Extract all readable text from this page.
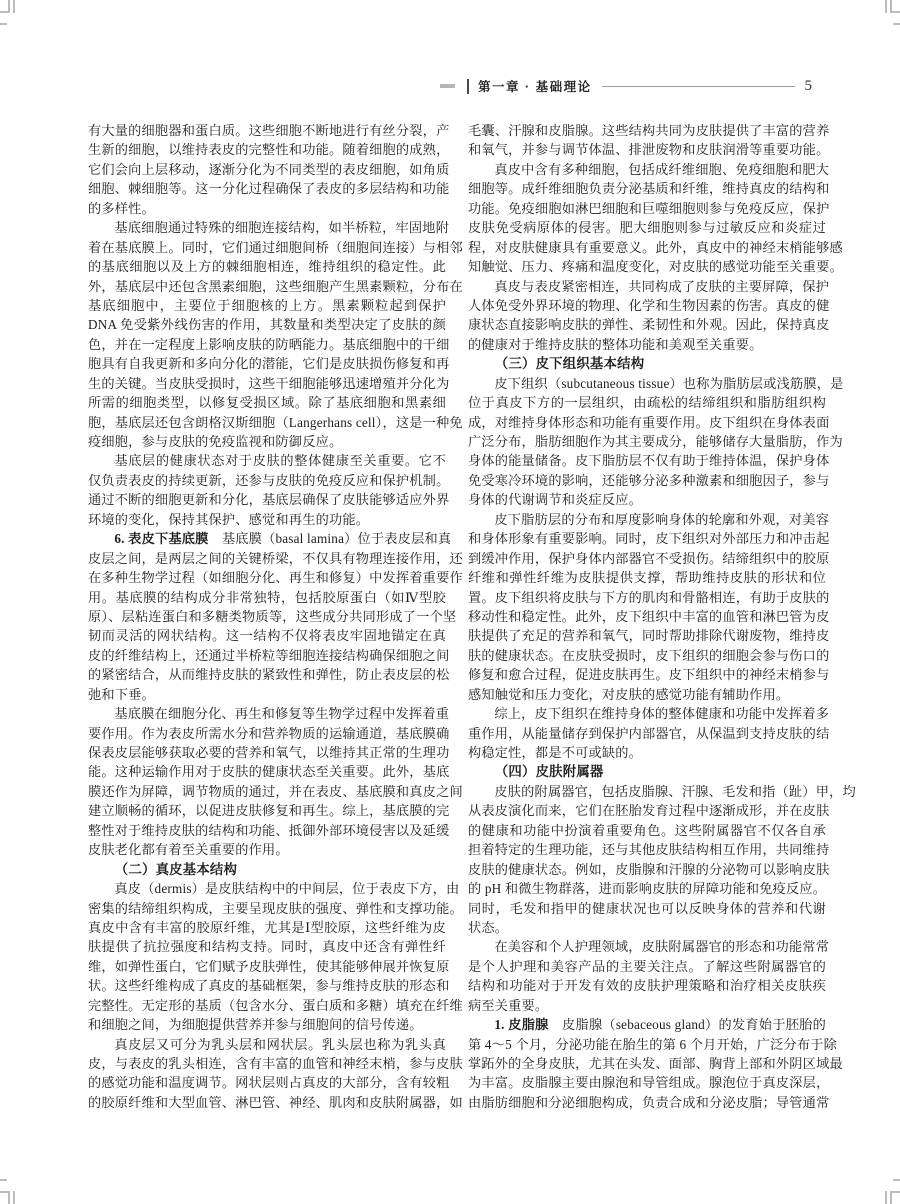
第一章 · 基础理论	5
有大量的细胞器和蛋白质。这些细胞不断地进行有丝分裂，产
生新的细胞，以维持表皮的完整性和功能。随着细胞的成熟，
它们会向上层移动，逐渐分化为不同类型的表皮细胞，如角质
细胞、棘细胞等。这一分化过程确保了表皮的多层结构和功能
的多样性。
基底细胞通过特殊的细胞连接结构，如半桥粒，牢固地附
着在基底膜上。同时，它们通过细胞间桥（细胞间连接）与相邻
的基底细胞以及上方的棘细胞相连，维持组织的稳定性。此
外，基底层中还包含黑素细胞，这些细胞产生黑素颗粒，分布在
基底细胞中，主要位于细胞核的上方。黑素颗粒起到保护
DNA 免受紫外线伤害的作用，其数量和类型决定了皮肤的颜
色，并在一定程度上影响皮肤的防晒能力。基底细胞中的干细
胞具有自我更新和多向分化的潜能，它们是皮肤损伤修复和再
生的关键。当皮肤受损时，这些干细胞能够迅速增殖并分化为
所需的细胞类型，以修复受损区域。除了基底细胞和黑素细
胞，基底层还包含朗格汉斯细胞（Langerhans cell），这是一种免
疫细胞，参与皮肤的免疫监视和防御反应。
基底层的健康状态对于皮肤的整体健康至关重要。它不
仅负责表皮的持续更新，还参与皮肤的免疫反应和保护机制。
通过不断的细胞更新和分化，基底层确保了皮肤能够适应外界
环境的变化，保持其保护、感觉和再生的功能。
6. 表皮下基底膜　基底膜（basal lamina）位于表皮层和真
皮层之间，是两层之间的关键桥梁，不仅具有物理连接作用，还
在多种生物学过程（如细胞分化、再生和修复）中发挥着重要作
用。基底膜的结构成分非常独特，包括胶原蛋白（如Ⅳ型胶
原）、层粘连蛋白和多糖类物质等，这些成分共同形成了一个坚
韧而灵活的网状结构。这一结构不仅将表皮牢固地锚定在真
皮的纤维结构上，还通过半桥粒等细胞连接结构确保细胞之间
的紧密结合，从而维持皮肤的紧致性和弹性，防止表皮层的松
弛和下垂。
基底膜在细胞分化、再生和修复等生物学过程中发挥着重
要作用。作为表皮所需水分和营养物质的运输通道，基底膜确
保表皮层能够获取必要的营养和氧气，以维持其正常的生理功
能。这种运输作用对于皮肤的健康状态至关重要。此外，基底
膜还作为屏障，调节物质的通过，并在表皮、基底膜和真皮之间
建立顺畅的循环，以促进皮肤修复和再生。综上，基底膜的完
整性对于维持皮肤的结构和功能、抵御外部环境侵害以及延缓
皮肤老化都有着至关重要的作用。
（二）真皮基本结构
真皮（dermis）是皮肤结构中的中间层，位于表皮下方，由
密集的结缔组织构成，主要呈现皮肤的强度、弹性和支撑功能。
真皮中含有丰富的胶原纤维，尤其是Ⅰ型胶原，这些纤维为皮
肤提供了抗拉强度和结构支持。同时，真皮中还含有弹性纤
维，如弹性蛋白，它们赋予皮肤弹性，使其能够伸展并恢复原
状。这些纤维构成了真皮的基础框架，参与维持皮肤的形态和
完整性。无定形的基质（包含水分、蛋白质和多糖）填充在纤维
和细胞之间，为细胞提供营养并参与细胞间的信号传递。
真皮层又可分为乳头层和网状层。乳头层也称为乳头真
皮，与表皮的乳头相连，含有丰富的血管和神经末梢，参与皮肤
的感觉功能和温度调节。网状层则占真皮的大部分，含有较粗
的胶原纤维和大型血管、淋巴管、神经、肌肉和皮肤附属器，如
毛囊、汗腺和皮脂腺。这些结构共同为皮肤提供了丰富的营养
和氧气，并参与调节体温、排泄废物和皮肤润滑等重要功能。
真皮中含有多种细胞，包括成纤维细胞、免疫细胞和肥大
细胞等。成纤维细胞负责分泌基质和纤维，维持真皮的结构和
功能。免疫细胞如淋巴细胞和巨噬细胞则参与免疫反应，保护
皮肤免受病原体的侵害。肥大细胞则参与过敏反应和炎症过
程，对皮肤健康具有重要意义。此外，真皮中的神经末梢能够感
知触觉、压力、疼痛和温度变化，对皮肤的感觉功能至关重要。
真皮与表皮紧密相连，共同构成了皮肤的主要屏障，保护
人体免受外界环境的物理、化学和生物因素的伤害。真皮的健
康状态直接影响皮肤的弹性、柔韧性和外观。因此，保持真皮
的健康对于维持皮肤的整体功能和美观至关重要。
（三）皮下组织基本结构
皮下组织（subcutaneous tissue）也称为脂肪层或浅筋膜，是
位于真皮下方的一层组织，由疏松的结缔组织和脂肪组织构
成，对维持身体形态和功能有重要作用。皮下组织在身体表面
广泛分布，脂肪细胞作为其主要成分，能够储存大量脂肪，作为
身体的能量储备。皮下脂肪层不仅有助于维持体温，保护身体
免受寒冷环境的影响，还能够分泌多种激素和细胞因子，参与
身体的代谢调节和炎症反应。
皮下脂肪层的分布和厚度影响身体的轮廓和外观，对美容
和身体形象有重要影响。同时，皮下组织对外部压力和冲击起
到缓冲作用，保护身体内部器官不受损伤。结缔组织中的胶原
纤维和弹性纤维为皮肤提供支撑，帮助维持皮肤的形状和位
置。皮下组织将皮肤与下方的肌肉和骨骼相连，有助于皮肤的
移动性和稳定性。此外，皮下组织中丰富的血管和淋巴管为皮
肤提供了充足的营养和氧气，同时帮助排除代谢废物，维持皮
肤的健康状态。在皮肤受损时，皮下组织的细胞会参与伤口的
修复和愈合过程，促进皮肤再生。皮下组织中的神经末梢参与
感知触觉和压力变化，对皮肤的感觉功能有辅助作用。
综上，皮下组织在维持身体的整体健康和功能中发挥着多
重作用，从能量储存到保护内部器官，从保温到支持皮肤的结
构稳定性，都是不可或缺的。
（四）皮肤附属器
皮肤的附属器官，包括皮脂腺、汗腺、毛发和指（趾）甲，均
从表皮演化而来，它们在胚胎发育过程中逐渐成形，并在皮肤
的健康和功能中扮演着重要角色。这些附属器官不仅各自承
担着特定的生理功能，还与其他皮肤结构相互作用，共同维持
皮肤的健康状态。例如，皮脂腺和汗腺的分泌物可以影响皮肤
的 pH 和微生物群落，进而影响皮肤的屏障功能和免疫反应。
同时，毛发和指甲的健康状况也可以反映身体的营养和代谢
状态。
在美容和个人护理领域，皮肤附属器官的形态和功能常常
是个人护理和美容产品的主要关注点。了解这些附属器官的
结构和功能对于开发有效的皮肤护理策略和治疗相关皮肤疾
病至关重要。
1. 皮脂腺　皮脂腺（sebaceous gland）的发育始于胚胎的
第 4～5 个月，分泌功能在胎生的第 6 个月开始，广泛分布于除
掌跖外的全身皮肤，尤其在头发、面部、胸背上部和外阴区域最
为丰富。皮脂腺主要由腺泡和导管组成。腺泡位于真皮深层，
由脂肪细胞和分泌细胞构成，负责合成和分泌皮脂；导管通常
